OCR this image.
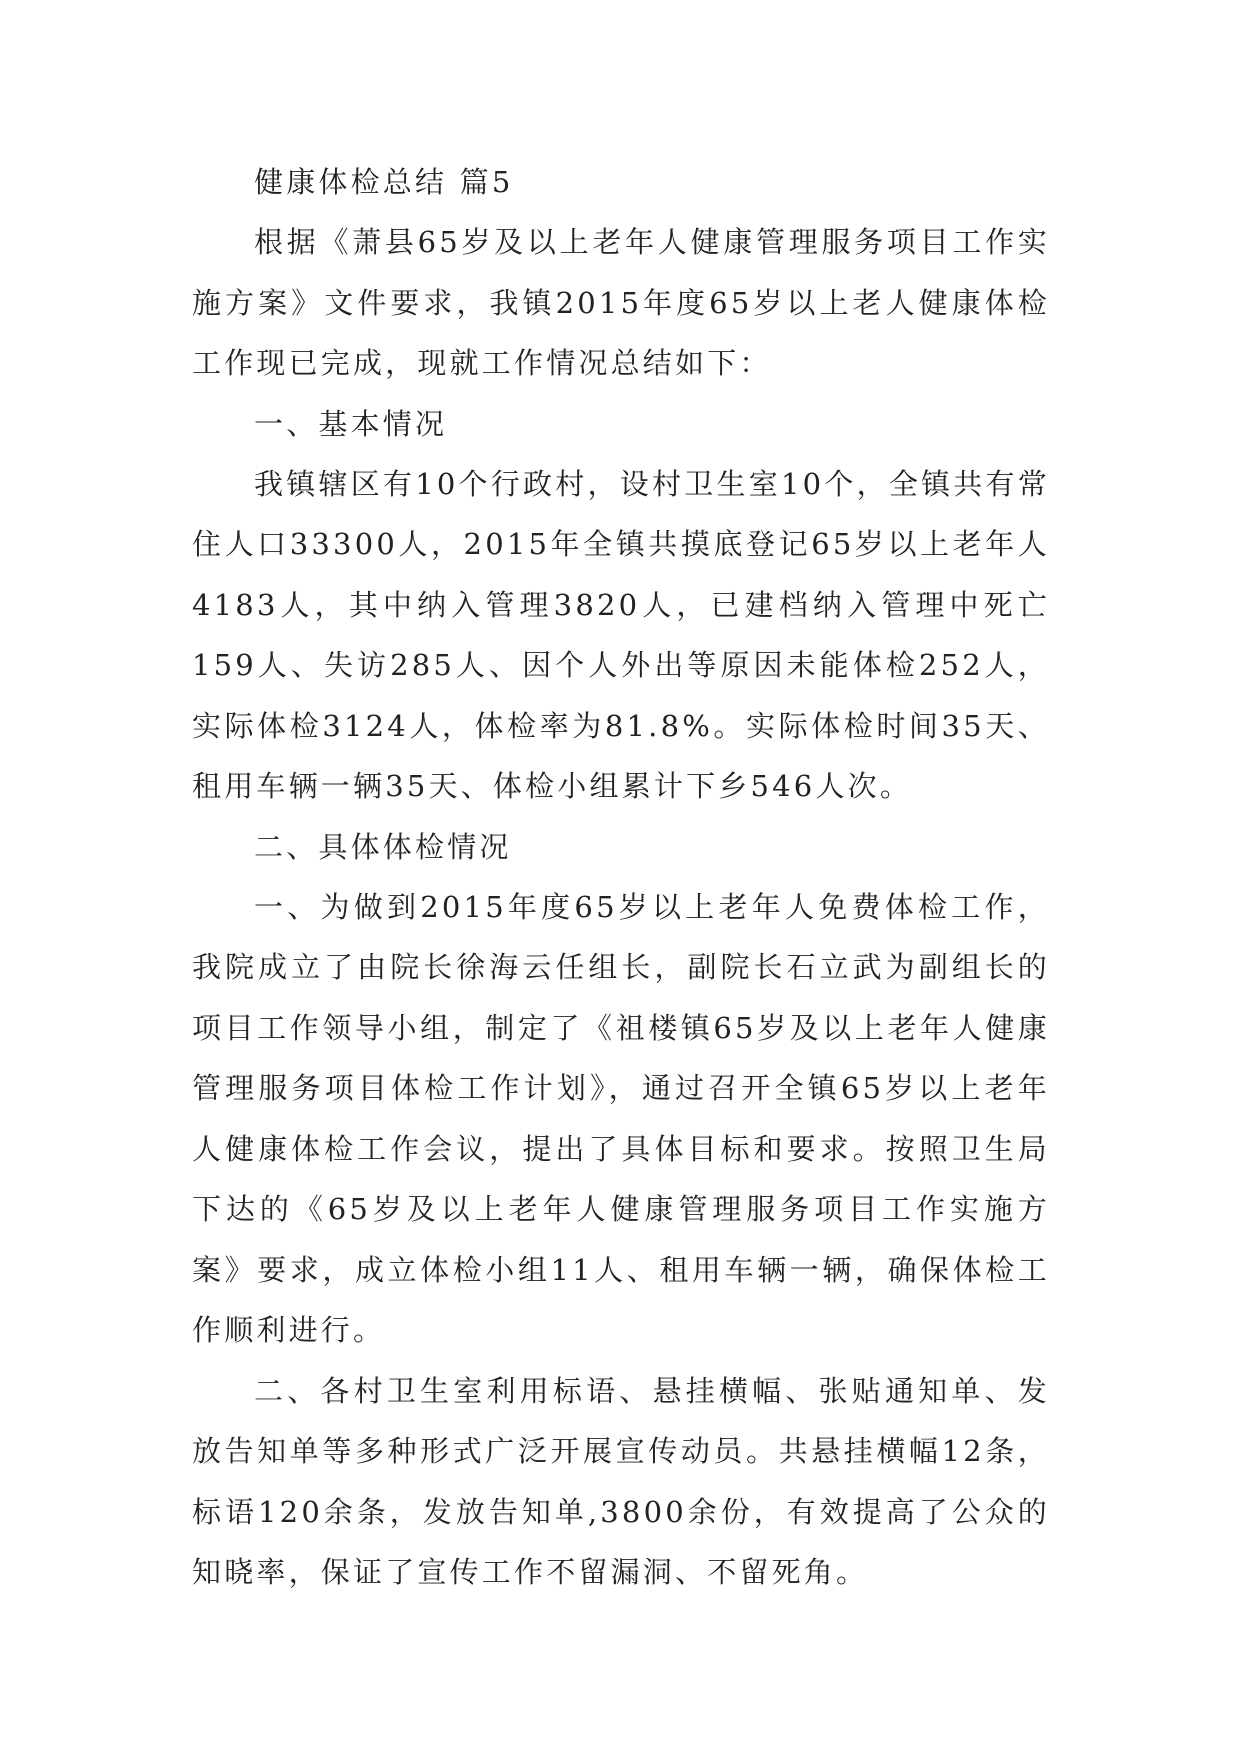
健康体检总结 篇5

根据《萧县65岁及以上老年人健康管理服务项目工作实施方案》文件要求，我镇2015年度65岁以上老人健康体检工作现已完成，现就工作情况总结如下：

一、基本情况

我镇辖区有10个行政村，设村卫生室10个，全镇共有常住人口33300人，2015年全镇共摸底登记65岁以上老年人4183人，其中纳入管理3820人，已建档纳入管理中死亡159人、失访285人、因个人外出等原因未能体检252人，实际体检3124人，体检率为81.8%。实际体检时间35天、租用车辆一辆35天、体检小组累计下乡546人次。

二、具体体检情况

一、为做到2015年度65岁以上老年人免费体检工作，我院成立了由院长徐海云任组长，副院长石立武为副组长的项目工作领导小组，制定了《祖楼镇65岁及以上老年人健康管理服务项目体检工作计划》，通过召开全镇65岁以上老年人健康体检工作会议，提出了具体目标和要求。按照卫生局下达的《65岁及以上老年人健康管理服务项目工作实施方案》要求，成立体检小组11人、租用车辆一辆，确保体检工作顺利进行。

二、各村卫生室利用标语、悬挂横幅、张贴通知单、发放告知单等多种形式广泛开展宣传动员。共悬挂横幅12条，标语120余条，发放告知单,3800余份，有效提高了公众的知晓率，保证了宣传工作不留漏洞、不留死角。
